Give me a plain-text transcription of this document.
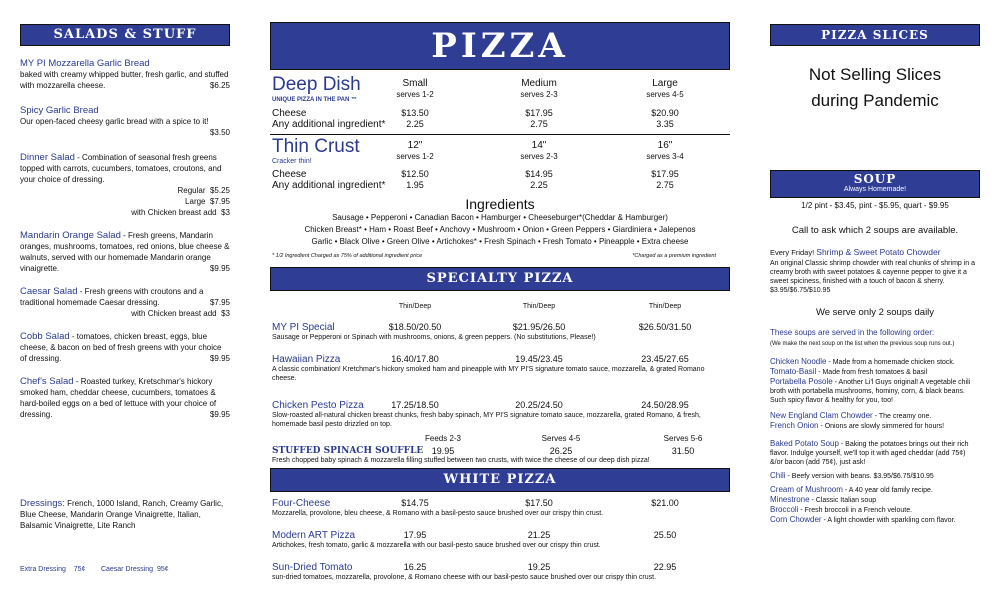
SALADS & STUFF
MY PI Mozzarella Garlic Bread
baked with creamy whipped butter, fresh garlic, and stuffed with mozzarella cheese.	$6.25
Spicy Garlic Bread
Our open-faced cheesy garlic bread with a spice to it!
$3.50
Dinner Salad - Combination of seasonal fresh greens topped with carrots, cucumbers, tomatoes, croutons, and your choice of dressing.
Regular $5.25
Large $7.95
with Chicken breast add $3
Mandarin Orange Salad - Fresh greens, Mandarin oranges, mushrooms, tomatoes, red onions, blue cheese & walnuts, served with our homemade Mandarin orange vinaigrette.	$9.95
Caesar Salad - Fresh greens with croutons and a traditional homemade Caesar dressing.	$7.95
with Chicken breast add $3
Cobb Salad - tomatoes, chicken breast, eggs, blue cheese, & bacon on bed of fresh greens with your choice of dressing.	$9.95
Chef's Salad - Roasted turkey, Kretschmar's hickory smoked ham, cheddar cheese, cucumbers, tomatoes & hard-boiled eggs on a bed of lettuce with your choice of dressing.	$9.95
Dressings: French, 1000 Island, Ranch, Creamy Garlic, Blue Cheese, Mandarin Orange Vinaigrette, Italian, Balsamic Vinaigrette, Lite Ranch
Extra Dressing 75¢ Caesar Dressing 95¢
PIZZA
Deep Dish
UNIQUE PIZZA IN THE PAN ™
Small
serves 1-2
Medium
serves 2-3
Large
serves 4-5
Cheese	$13.50	$17.95	$20.90
Any additional ingredient*	2.25	2.75	3.35
Thin Crust
Cracker thin!
12"
serves 1-2
14"
serves 2-3
16"
serves 3-4
Cheese	$12.50	$14.95	$17.95
Any additional ingredient*	1.95	2.25	2.75
Ingredients
Sausage • Pepperoni • Canadian Bacon • Hamburger • Cheeseburger*(Cheddar & Hamburger)
Chicken Breast* • Ham • Roast Beef • Anchovy • Mushroom • Onion • Green Peppers • Giardiniera • Jalepenos
Garlic • Black Olive • Green Olive • Artichokes* • Fresh Spinach • Fresh Tomato • Pineapple • Extra cheese
* 1/2 Ingredient Charged as 75% of additional ingredient price	*Charged as a premium ingredient
SPECIALTY PIZZA
Thin/Deep	Thin/Deep	Thin/Deep
MY PI Special	$18.50/20.50	$21.95/26.50	$26.50/31.50
Sausage or Pepperoni or Spinach with mushrooms, onions, & green peppers. (No substitutions, Please!)
Hawaiian Pizza	16.40/17.80	19.45/23.45	23.45/27.65
A classic combination! Kretchmar's hickory smoked ham and pineapple with MY PI'S signature tomato sauce, mozzarella, & grated Romano cheese.
Chicken Pesto Pizza	17.25/18.50	20.25/24.50	24.50/28.95
Slow-roasted all-natural chicken breast chunks, fresh baby spinach, MY PI'S signature tomato sauce, mozzarella, grated Romano, & fresh, homemade basil pesto drizzled on top.
Feeds 2-3	Serves 4-5	Serves 5-6
STUFFED SPINACH SOUFFLE 19.95	26.25	31.50
Fresh chopped baby spinach & mozzarella filling stuffed between two crusts, with twice the cheese of our deep dish pizza!
WHITE PIZZA
Four-Cheese	$14.75	$17.50	$21.00
Mozzarella, provolone, bleu cheese, & Romano with a basil-pesto sauce brushed over our crispy thin crust.
Modern ART Pizza	17.95	21.25	25.50
Artichokes, fresh tomato, garlic & mozzarella with our basil-pesto sauce brushed over our crispy thin crust.
Sun-Dried Tomato	16.25	19.25	22.95
sun-dried tomatoes, mozzarella, provolone, & Romano cheese with our basil-pesto sauce brushed over our crispy thin crust.
PIZZA SLICES
Not Selling Slices during Pandemic
SOUP
Always Homemade!
1/2 pint - $3.45, pint - $5.95, quart - $9.95
Call to ask which 2 soups are available.
Every Friday! Shrimp & Sweet Potato Chowder
An original Classic shrimp chowder with real chunks of shrimp in a creamy broth with sweet potatoes & cayenne pepper to give it a sweet spiciness, finished with a touch of bacon & sherry.
$3.95/$6.75/$10.95
We serve only 2 soups daily
These soups are served in the following order:
(We make the next soup on the list when the previous soup runs out.)
Chicken Noodle - Made from a homemade chicken stock.
Tomato-Basil - Made from fresh tomatoes & basil
Portabella Posole - Another Li'l Guys original! A vegetable chili broth with portabella mushrooms, hominy, corn, & black beans. Such spicy flavor & healthy for you, too!
New England Clam Chowder - The creamy one.
French Onion - Onions are slowly simmered for hours!
Baked Potato Soup - Baking the potatoes brings out their rich flavor. Indulge yourself, we'll top it with aged cheddar (add 75¢) &/or bacon (add 75¢), just ask!
Chili - Beefy version with beans. $3.95/$6.75/$10.95
Cream of Mushroom - A 40 year old family recipe.
Minestrone - Classic Italian soup
Broccoli - Fresh broccoli in a French veloute.
Corn Chowder - A light chowder with sparkling corn flavor.
